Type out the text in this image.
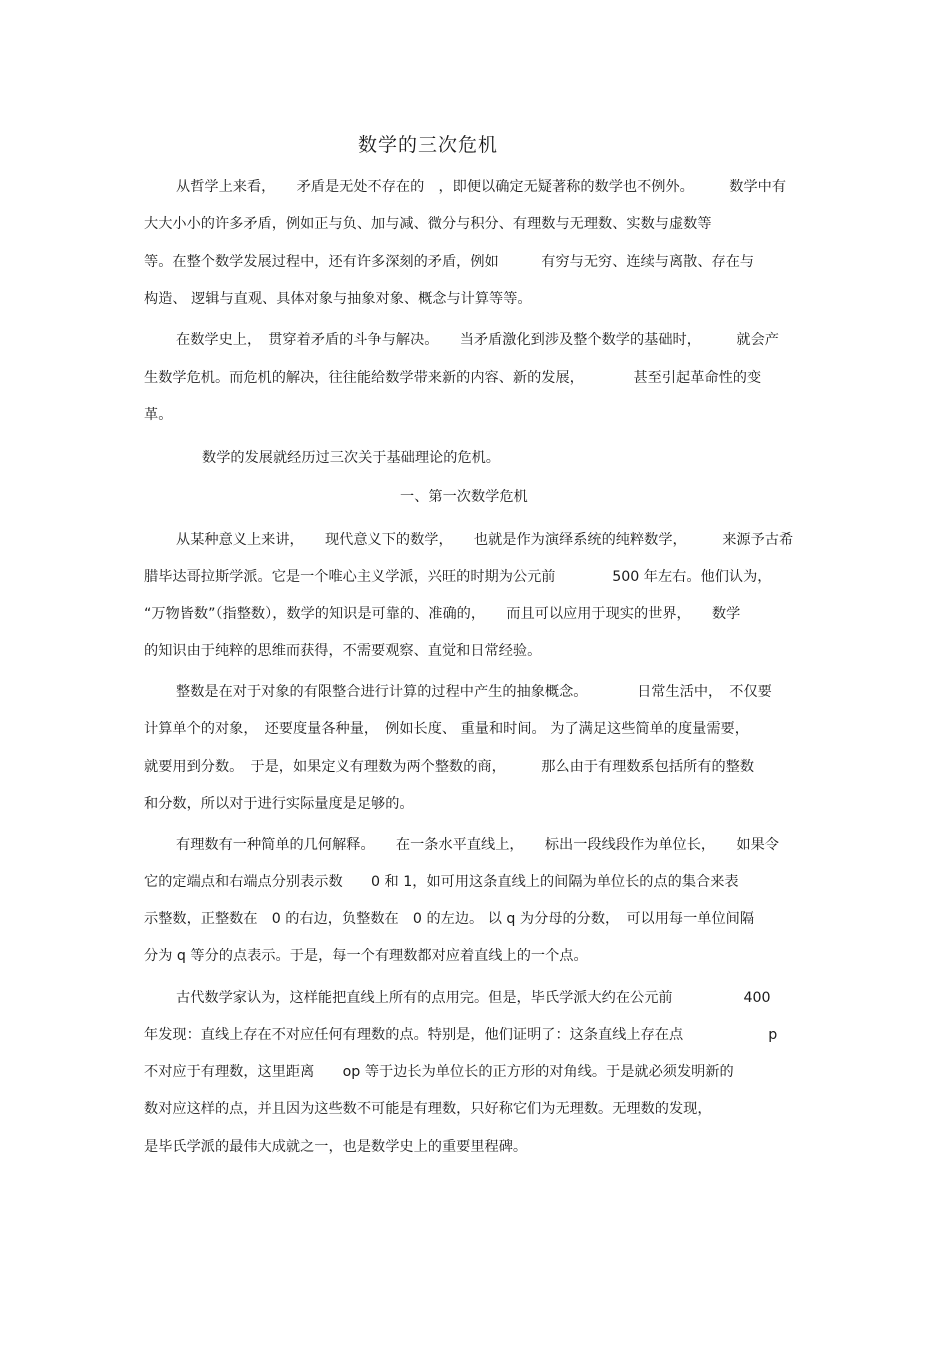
数学的三次危机
从哲学上来看，　　矛盾是无处不存在的　，即便以确定无疑著称的数学也不例外。　　　数学中有
大大小小的许多矛盾，例如正与负、加与减、微分与积分、有理数与无理数、实数与虚数等
等。在整个数学发展过程中，还有许多深刻的矛盾，例如　　　有穷与无穷、连续与离散、存在与
构造、 逻辑与直观、具体对象与抽象对象、概念与计算等等。
在数学史上，　贯穿着矛盾的斗争与解决。　　当矛盾激化到涉及整个数学的基础时，　　　就会产
生数学危机。而危机的解决，往往能给数学带来新的内容、新的发展，　　　　甚至引起革命性的变
革。
数学的发展就经历过三次关于基础理论的危机。
一、第一次数学危机
从某种意义上来讲，　　现代意义下的数学，　　也就是作为演绎系统的纯粹数学，　　　来源予古希
腊毕达哥拉斯学派。它是一个唯心主义学派，兴旺的时期为公元前　　　　500 年左右。他们认为，
“万物皆数”（指整数），数学的知识是可靠的、准确的，　　而且可以应用于现实的世界，　　数学
的知识由于纯粹的思维而获得，不需要观察、直觉和日常经验。
整数是在对于对象的有限整合进行计算的过程中产生的抽象概念。　　　　日常生活中，　不仅要
计算单个的对象，　还要度量各种量，　例如长度、 重量和时间。 为了满足这些简单的度量需要，
就要用到分数。　于是，如果定义有理数为两个整数的商，　　　那么由于有理数系包括所有的整数
和分数，所以对于进行实际量度是足够的。
有理数有一种简单的几何解释。　　在一条水平直线上，　　标出一段线段作为单位长，　　如果令
它的定端点和右端点分别表示数　　0 和 1，如可用这条直线上的间隔为单位长的点的集合来表
示整数，正整数在　0 的右边，负整数在　0 的左边。 以 q 为分母的分数，　可以用每一单位间隔
分为 q 等分的点表示。于是，每一个有理数都对应着直线上的一个点。
古代数学家认为，这样能把直线上所有的点用完。但是，毕氏学派大约在公元前　　　　　400
年发现：直线上存在不对应任何有理数的点。特别是，他们证明了：这条直线上存在点　　　　　　p
不对应于有理数，这里距离　　op 等于边长为单位长的正方形的对角线。于是就必须发明新的
数对应这样的点，并且因为这些数不可能是有理数，只好称它们为无理数。无理数的发现，
是毕氏学派的最伟大成就之一，也是数学史上的重要里程碑。
